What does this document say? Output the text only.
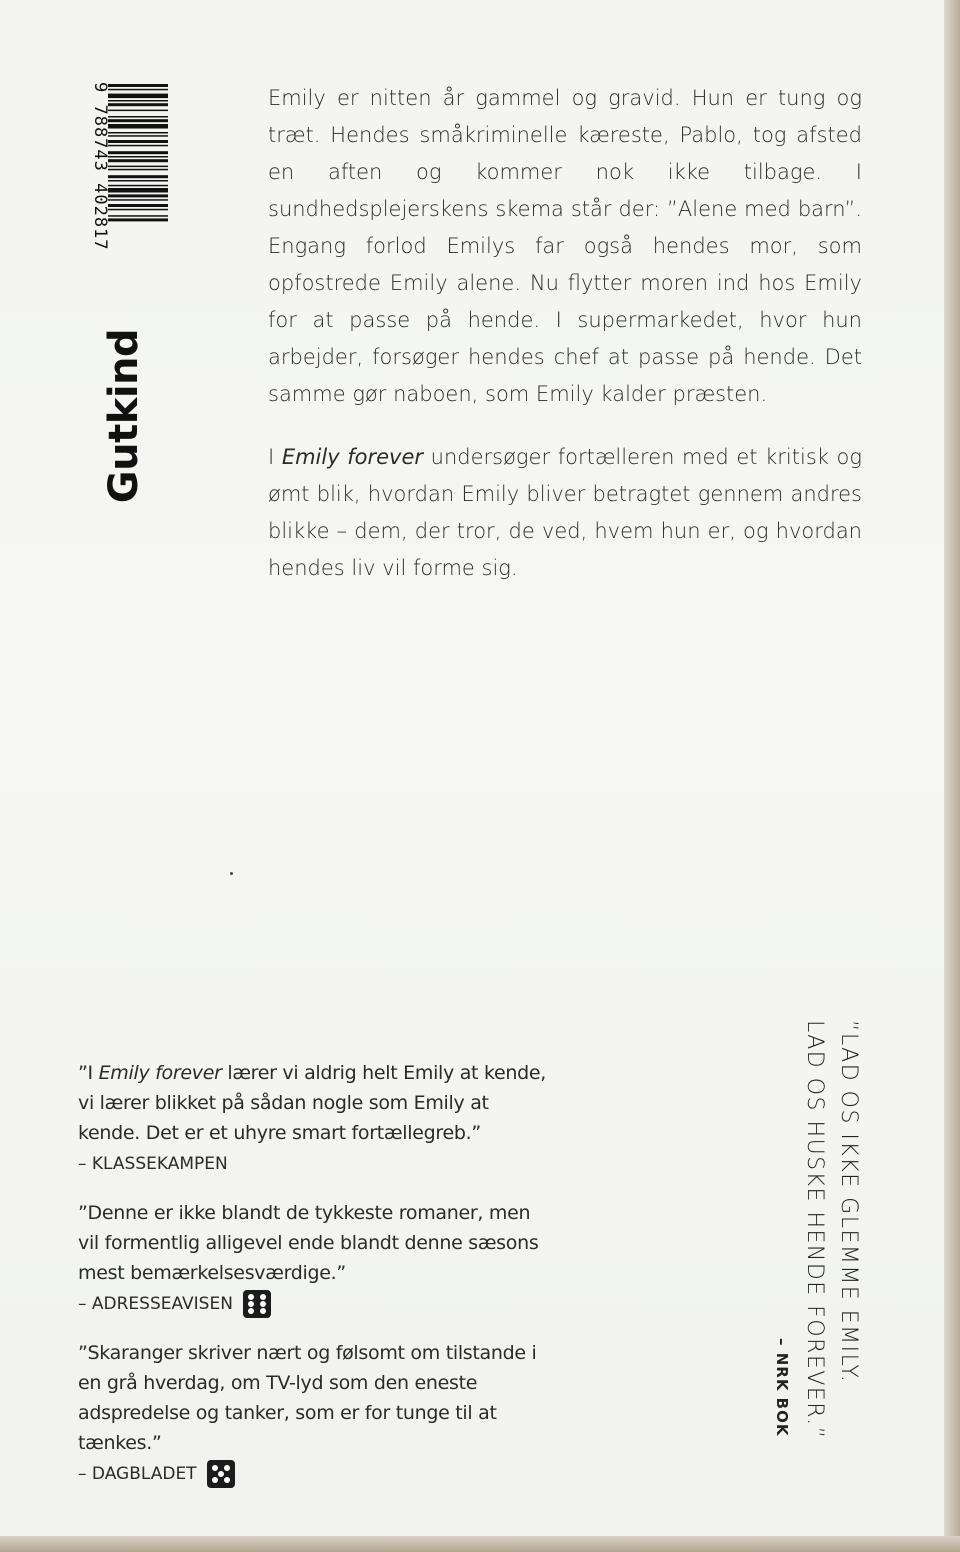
9 788743 402817
Gutkind

Emily er nitten år gammel og gravid. Hun er tung og træt. Hendes småkriminelle kæreste, Pablo, tog afsted en aften og kommer nok ikke tilbage. I sundhedsplejerskens skema står der: ”Alene med barn”. Engang forlod Emilys far også hendes mor, som opfostrede Emily alene. Nu flytter moren ind hos Emily for at passe på hende. I supermarkedet, hvor hun arbejder, forsøger hendes chef at passe på hende. Det samme gør naboen, som Emily kalder præsten.

I Emily forever undersøger fortælleren med et kritisk og ømt blik, hvordan Emily bliver betragtet gennem andres blikke – dem, der tror, de ved, hvem hun er, og hvordan hendes liv vil forme sig.

”I Emily forever lærer vi aldrig helt Emily at kende, vi lærer blikket på sådan nogle som Emily at kende. Det er et uhyre smart fortællegreb.”
– KLASSEKAMPEN
”Denne er ikke blandt de tykkeste romaner, men vil formentlig alligevel ende blandt denne sæsons mest bemærkelsesværdige.”
– ADRESSEAVISEN
”Skaranger skriver nært og følsomt om tilstande i en grå hverdag, om TV-lyd som den eneste adspredelse og tanker, som er for tunge til at tænkes.”
– DAGBLADET
”LAD OS IKKE GLEMME EMILY.
LAD OS HUSKE HENDE FOREVER.”
– NRK BOK
